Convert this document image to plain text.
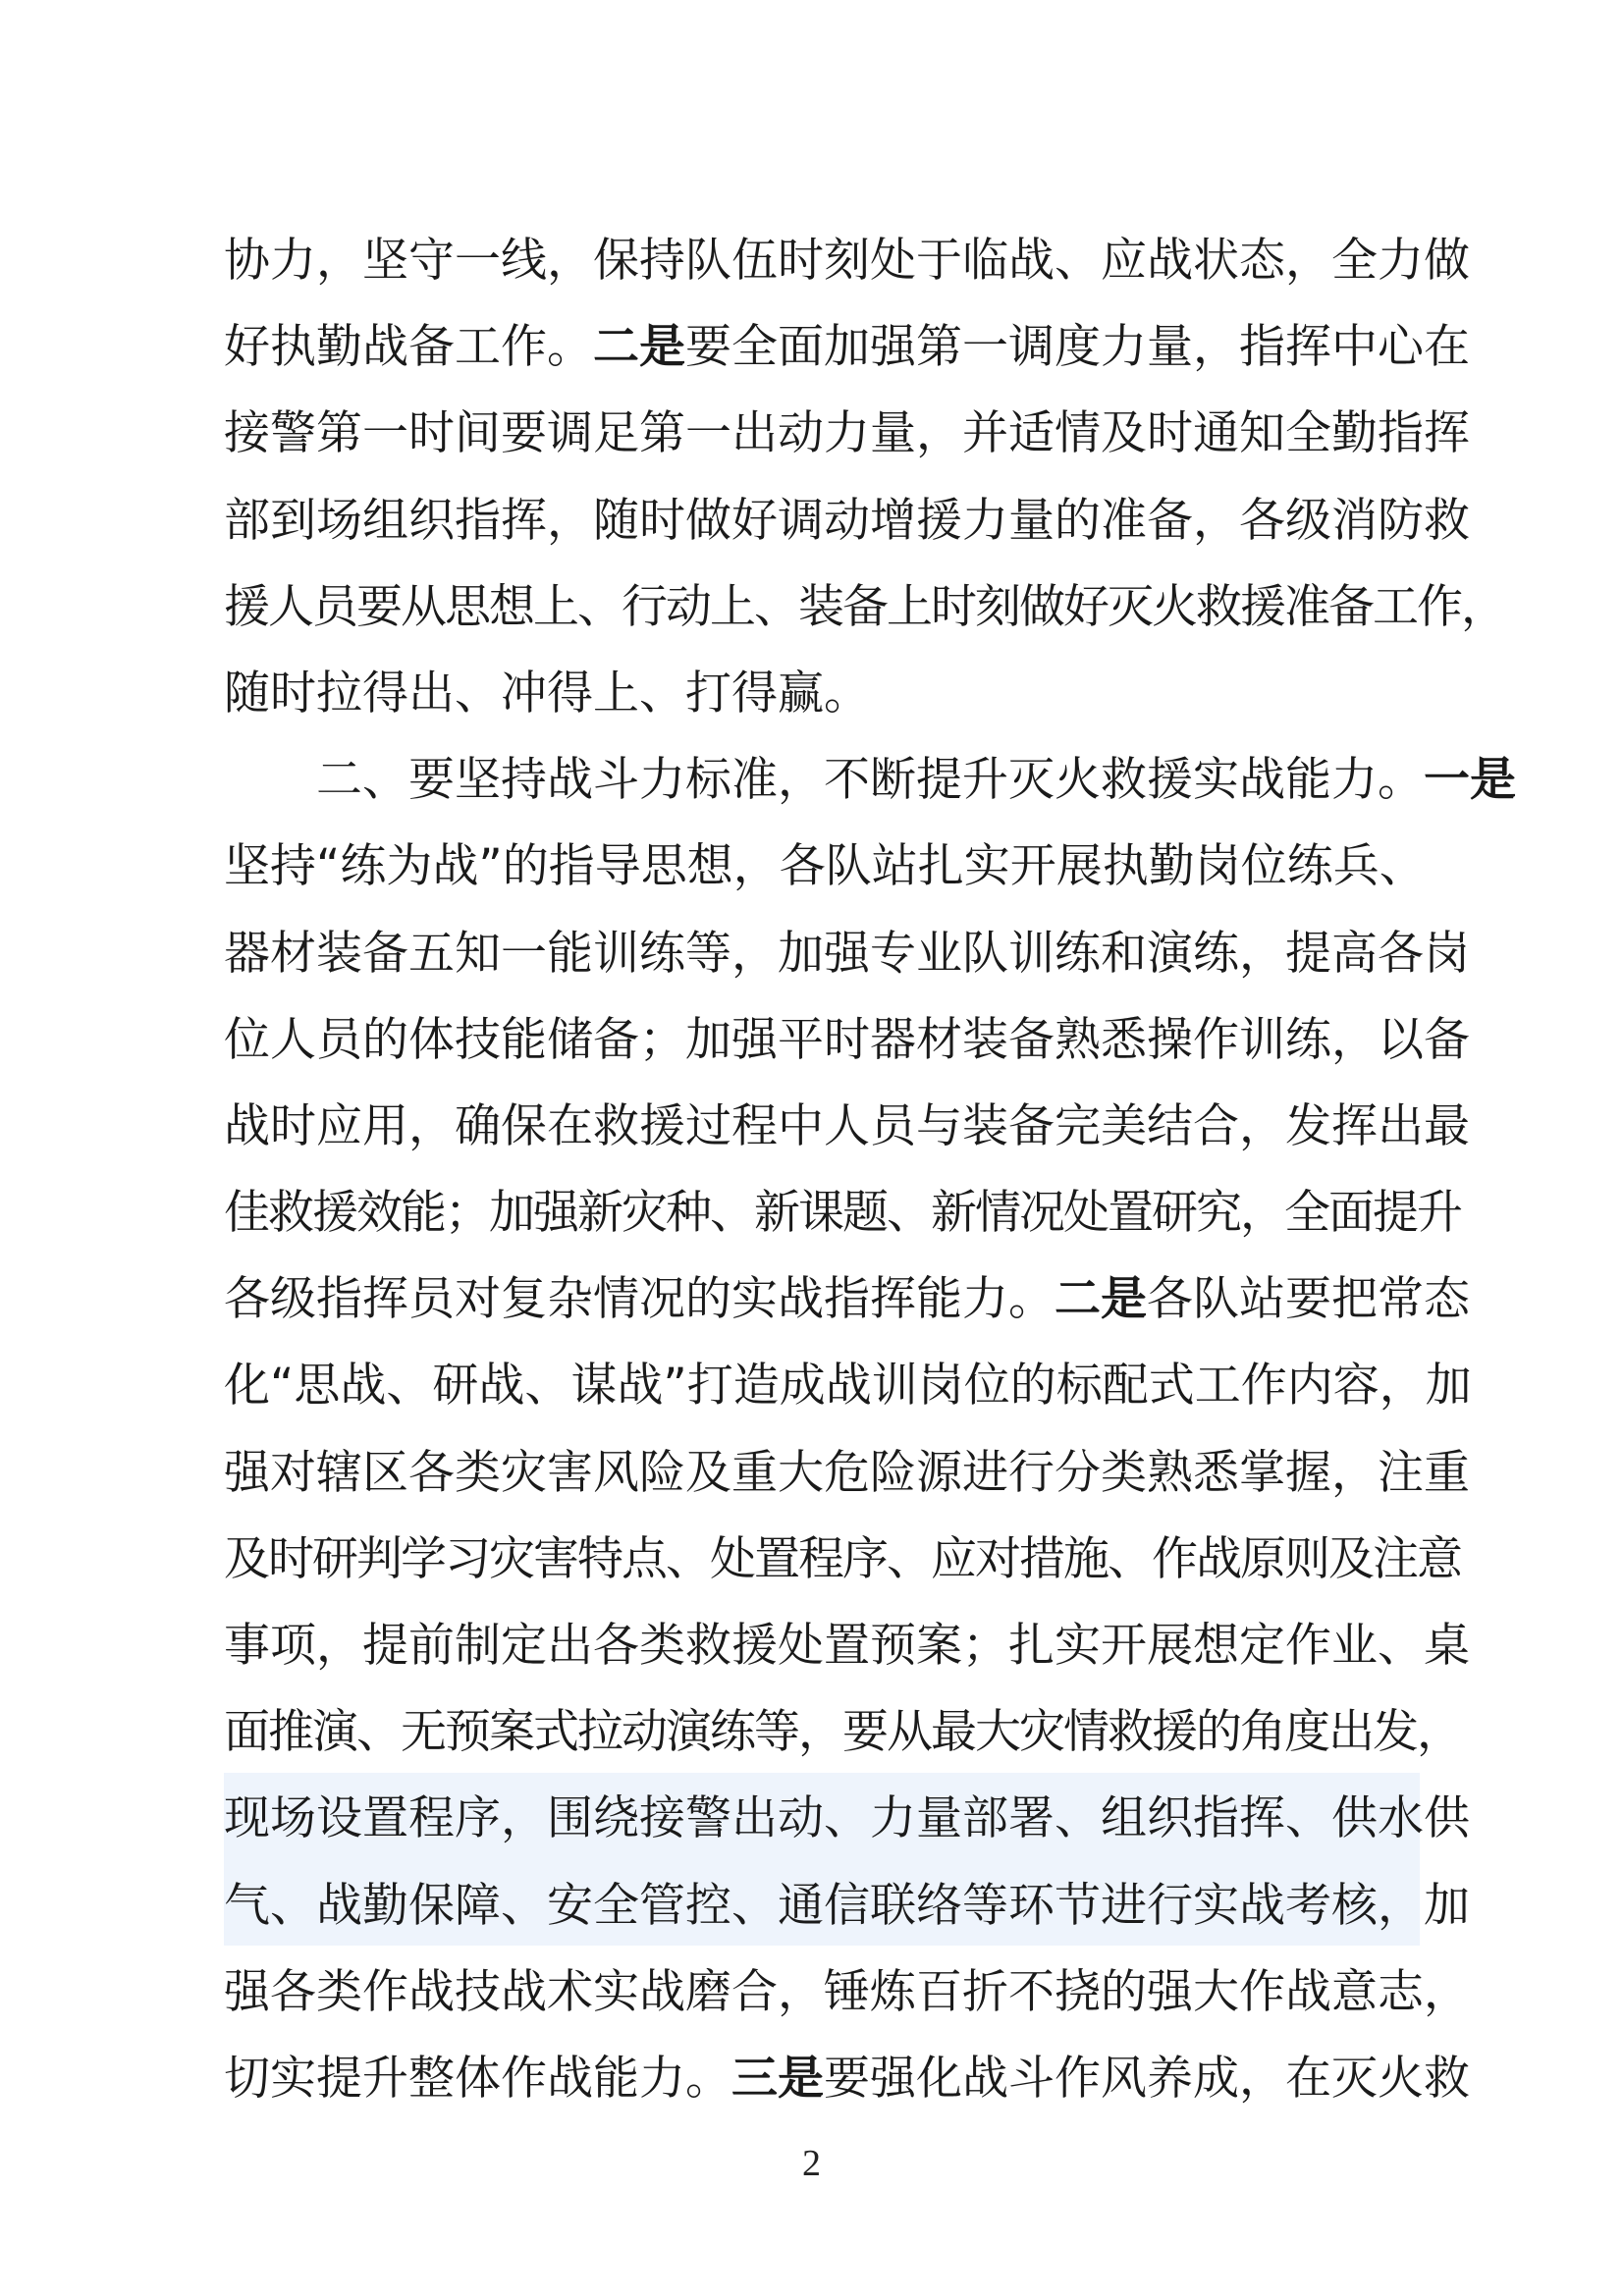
协力，坚守一线，保持队伍时刻处于临战、应战状态，全力做
好执勤战备工作。二是要全面加强第一调度力量，指挥中心在
接警第一时间要调足第一出动力量，并适情及时通知全勤指挥
部到场组织指挥，随时做好调动增援力量的准备，各级消防救
援人员要从思想上、行动上、装备上时刻做好灭火救援准备工作，
随时拉得出、冲得上、打得赢。
二、要坚持战斗力标准，不断提升灭火救援实战能力。一是
坚持“练为战”的指导思想，各队站扎实开展执勤岗位练兵、
器材装备五知一能训练等，加强专业队训练和演练，提高各岗
位人员的体技能储备；加强平时器材装备熟悉操作训练，以备
战时应用，确保在救援过程中人员与装备完美结合，发挥出最
佳救援效能；加强新灾种、新课题、新情况处置研究，全面提升
各级指挥员对复杂情况的实战指挥能力。二是各队站要把常态
化“思战、研战、谋战”打造成战训岗位的标配式工作内容，加
强对辖区各类灾害风险及重大危险源进行分类熟悉掌握，注重
及时研判学习灾害特点、处置程序、应对措施、作战原则及注意
事项，提前制定出各类救援处置预案；扎实开展想定作业、桌
面推演、无预案式拉动演练等，要从最大灾情救援的角度出发，
现场设置程序，围绕接警出动、力量部署、组织指挥、供水供
气、战勤保障、安全管控、通信联络等环节进行实战考核，加
强各类作战技战术实战磨合，锤炼百折不挠的强大作战意志，
切实提升整体作战能力。三是要强化战斗作风养成，在灭火救
2
